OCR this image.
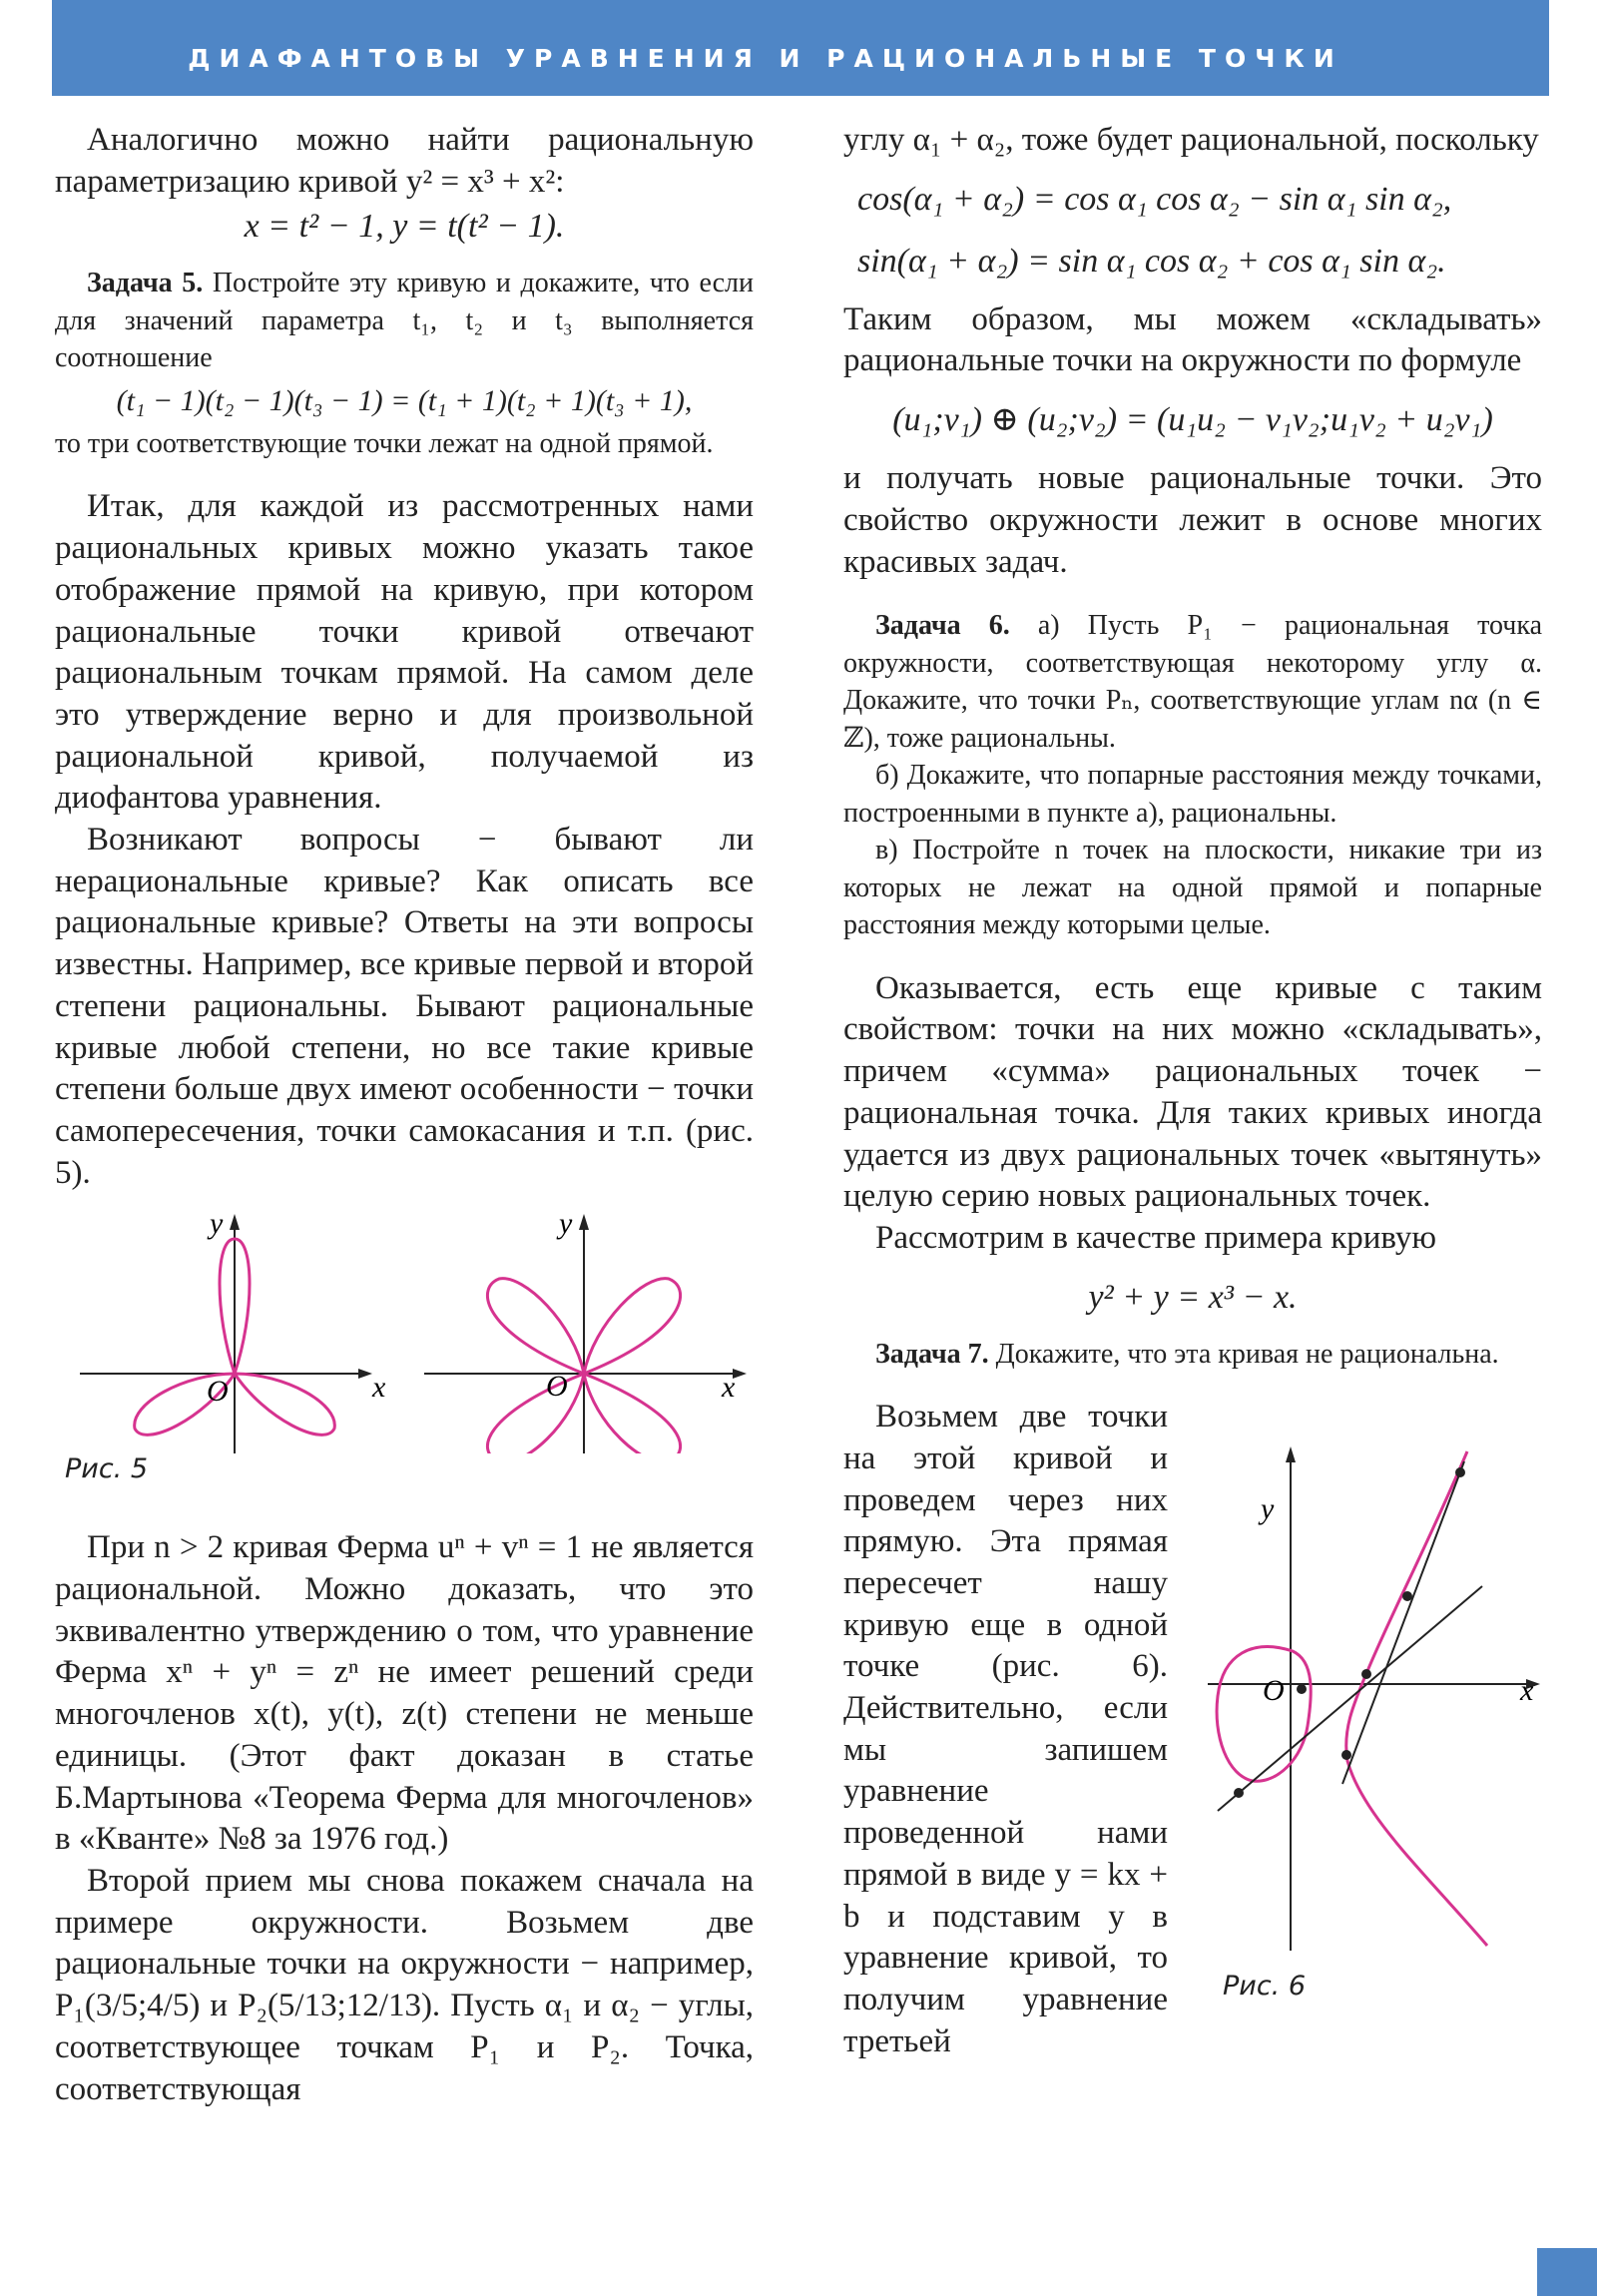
ДИАФАНТОВЫ УРАВНЕНИЯ И РАЦИОНАЛЬНЫЕ ТОЧКИ	15

Аналогично можно найти рациональную параметризацию кривой y² = x³ + x²:

x = t² − 1, y = t(t² − 1).

Задача 5. Постройте эту кривую и докажите, что если для значений параметра t₁, t₂ и t₃ выполняется соотношение

(t₁ − 1)(t₂ − 1)(t₃ − 1) = (t₁ + 1)(t₂ + 1)(t₃ + 1),

то три соответствующие точки лежат на одной прямой.

Итак, для каждой из рассмотренных нами рациональных кривых можно указать такое отображение прямой на кривую, при котором рациональные точки кривой отвечают рациональным точкам прямой. На самом деле это утверждение верно и для произвольной рациональной кривой, получаемой из диофантова уравнения.

Возникают вопросы − бывают ли нерациональные кривые? Как описать все рациональные кривые? Ответы на эти вопросы известны. Например, все кривые первой и второй степени рациональны. Бывают рациональные кривые любой степени, но все такие кривые степени больше двух имеют особенности − точки самопересечения, точки самокасания и т.п. (рис. 5).

y
x
O
y
x
O
Рис. 5

При n > 2 кривая Ферма uⁿ + vⁿ = 1 не является рациональной. Можно доказать, что это эквивалентно утверждению о том, что уравнение Ферма xⁿ + yⁿ = zⁿ не имеет решений среди многочленов x(t), y(t), z(t) степени не меньше единицы. (Этот факт доказан в статье Б.Мартынова «Теорема Ферма для многочленов» в «Кванте» №8 за 1976 год.)

Второй прием мы снова покажем сначала на примере окружности. Возьмем две рациональные точки на окружности − например, P₁(3/5;4/5) и P₂(5/13;12/13). Пусть α₁ и α₂ − углы, соответствующее точкам P₁ и P₂. Точка, соответствующая

углу α₁ + α₂, тоже будет рациональной, поскольку

cos(α₁ + α₂) = cos α₁ cos α₂ − sin α₁ sin α₂,

sin(α₁ + α₂) = sin α₁ cos α₂ + cos α₁ sin α₂.

Таким образом, мы можем «складывать» рациональные точки на окружности по формуле

(u₁;v₁) ⊕ (u₂;v₂) = (u₁u₂ − v₁v₂;u₁v₂ + u₂v₁)

и получать новые рациональные точки. Это свойство окружности лежит в основе многих красивых задач.

Задача 6. а) Пусть P₁ − рациональная точка окружности, соответствующая некоторому углу α. Докажите, что точки Pₙ, соответствующие углам nα (n ∈ ℤ), тоже рациональны.

б) Докажите, что попарные расстояния между точками, построенными в пункте а), рациональны.

в) Постройте n точек на плоскости, никакие три из которых не лежат на одной прямой и попарные расстояния между которыми целые.

Оказывается, есть еще кривые с таким свойством: точки на них можно «складывать», причем «сумма» рациональных точек − рациональная точка. Для таких кривых иногда удается из двух рациональных точек «вытянуть» целую серию новых рациональных точек.

Рассмотрим в качестве примера кривую

y² + y = x³ − x.

Задача 7. Докажите, что эта кривая не рациональна.

Возьмем две точки на этой кривой и проведем через них прямую. Эта прямая пересечет нашу кривую еще в одной точке (рис. 6). Действительно, если мы запишем уравнение проведенной нами прямой в виде y = kx + b и подставим y в уравнение кривой, то получим уравнение третьей

y
x
O
Рис. 6
